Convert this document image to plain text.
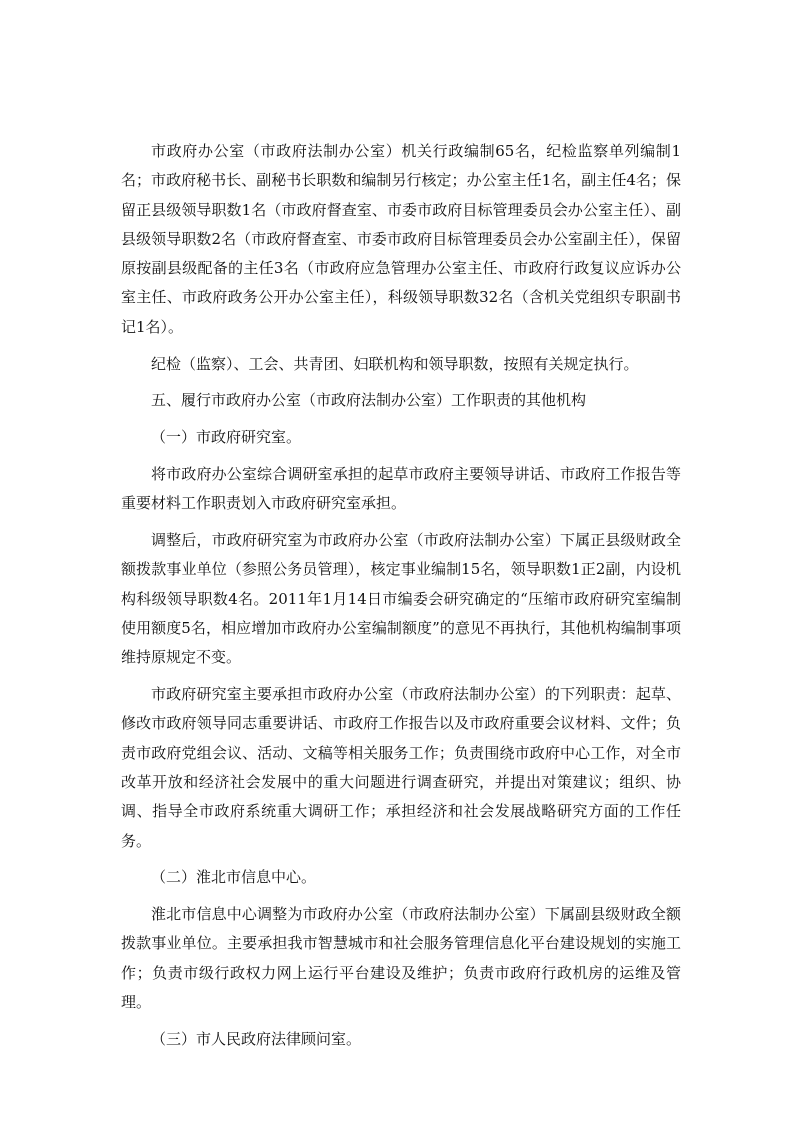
市政府办公室（市政府法制办公室）机关行政编制65名，纪检监察单列编制1名；市政府秘书长、副秘书长职数和编制另行核定；办公室主任1名，副主任4名；保留正县级领导职数1名（市政府督查室、市委市政府目标管理委员会办公室主任）、副县级领导职数2名（市政府督查室、市委市政府目标管理委员会办公室副主任），保留原按副县级配备的主任3名（市政府应急管理办公室主任、市政府行政复议应诉办公室主任、市政府政务公开办公室主任），科级领导职数32名（含机关党组织专职副书记1名）。

纪检（监察）、工会、共青团、妇联机构和领导职数，按照有关规定执行。

五、履行市政府办公室（市政府法制办公室）工作职责的其他机构

（一）市政府研究室。

将市政府办公室综合调研室承担的起草市政府主要领导讲话、市政府工作报告等重要材料工作职责划入市政府研究室承担。

调整后，市政府研究室为市政府办公室（市政府法制办公室）下属正县级财政全额拨款事业单位（参照公务员管理），核定事业编制15名，领导职数1正2副，内设机构科级领导职数4名。2011年1月14日市编委会研究确定的“压缩市政府研究室编制使用额度5名，相应增加市政府办公室编制额度”的意见不再执行，其他机构编制事项维持原规定不变。

市政府研究室主要承担市政府办公室（市政府法制办公室）的下列职责：起草、修改市政府领导同志重要讲话、市政府工作报告以及市政府重要会议材料、文件；负责市政府党组会议、活动、文稿等相关服务工作；负责围绕市政府中心工作，对全市改革开放和经济社会发展中的重大问题进行调查研究，并提出对策建议；组织、协调、指导全市政府系统重大调研工作；承担经济和社会发展战略研究方面的工作任务。

（二）淮北市信息中心。

淮北市信息中心调整为市政府办公室（市政府法制办公室）下属副县级财政全额拨款事业单位。主要承担我市智慧城市和社会服务管理信息化平台建设规划的实施工作；负责市级行政权力网上运行平台建设及维护；负责市政府行政机房的运维及管理。

（三）市人民政府法律顾问室。
